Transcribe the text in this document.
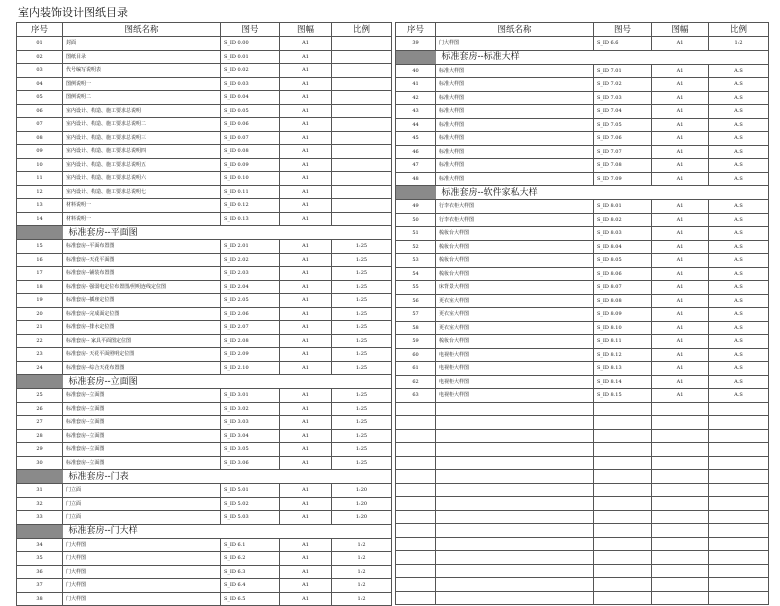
室内装饰设计图纸目录
序号	图纸名称	图号	图幅	比例
01	封面	S_ID 0.00	A1	
02	图纸目录	S_ID 0.01	A1	
03	代号编写说明表	S_ID 0.02	A1	
04	图例说明一	S_ID 0.03	A1	
05	图例说明二	S_ID 0.04	A1	
06	室内设计、构造、施工要求总说明	S_ID 0.05	A1	
07	室内设计、构造、施工要求总说明二	S_ID 0.06	A1	
08	室内设计、构造、施工要求总说明三	S_ID 0.07	A1	
09	室内设计、构造、施工要求总说明四	S_ID 0.08	A1	
10	室内设计、构造、施工要求总说明五	S_ID 0.09	A1	
11	室内设计、构造、施工要求总说明六	S_ID 0.10	A1	
12	室内设计、构造、施工要求总说明七	S_ID 0.11	A1	
13	材料说明一	S_ID 0.12	A1	
14	材料说明一	S_ID 0.13	A1	
	标准套房--平面图			
15	标准套房--平面布置图	S_ID 2.01	A1	1:25
16	标准套房--天花平面图	S_ID 2.02	A1	1:25
17	标准套房--铺装布置图	S_ID 2.03	A1	1:25
18	标准套房- 强弱电定位布置图/照明连线定位图	S_ID 2.04	A1	1:25
19	标准套房--插座定位图	S_ID 2.05	A1	1:25
20	标准套房--完成面定位图	S_ID 2.06	A1	1:25
21	标准套房--排水定位图	S_ID 2.07	A1	1:25
22	标准套房-- 家具平面图定位图	S_ID 2.08	A1	1:25
23	标准套房- 天花平面照明定位图	S_ID 2.09	A1	1:25
24	标准套房--综合天花布置图	S_ID 2.10	A1	1:25
	标准套房--立面图			
25	标准套房--立面图	S_ID 3.01	A1	1:25
26	标准套房--立面图	S_ID 3.02	A1	1:25
27	标准套房--立面图	S_ID 3.03	A1	1:25
28	标准套房--立面图	S_ID 3.04	A1	1:25
29	标准套房--立面图	S_ID 3.05	A1	1:25
30	标准套房--立面图	S_ID 3.06	A1	1:25
	标准套房--门表			
31	门立面	S_ID 5.01	A1	1:20
32	门立面	S_ID 5.02	A1	1:20
33	门立面	S_ID 5.03	A1	1:20
	标准套房--门大样			
34	门大样图	S_ID 6.1	A1	1:2
35	门大样图	S_ID 6.2	A1	1:2
36	门大样图	S_ID 6.3	A1	1:2
37	门大样图	S_ID 6.4	A1	1:2
38	门大样图	S_ID 6.5	A1	1:2
序号	图纸名称	图号	图幅	比例
39	门大样图	S_ID 6.6	A1	1:2
	标准套房--标准大样			
40	标准大样图	S_ID 7.01	A1	A.S
41	标准大样图	S_ID 7.02	A1	A.S
42	标准大样图	S_ID 7.03	A1	A.S
43	标准大样图	S_ID 7.04	A1	A.S
44	标准大样图	S_ID 7.05	A1	A.S
45	标准大样图	S_ID 7.06	A1	A.S
46	标准大样图	S_ID 7.07	A1	A.S
47	标准大样图	S_ID 7.08	A1	A.S
48	标准大样图	S_ID 7.09	A1	A.S
	标准套房--软件家私大样			
49	行李衣柜大样图	S_ID 8.01	A1	A.S
50	行李衣柜大样图	S_ID 8.02	A1	A.S
51	梳妆台大样图	S_ID 8.03	A1	A.S
52	梳妆台大样图	S_ID 8.04	A1	A.S
53	梳妆台大样图	S_ID 8.05	A1	A.S
54	梳妆台大样图	S_ID 8.06	A1	A.S
55	床背景大样图	S_ID 8.07	A1	A.S
56	更衣室大样图	S_ID 8.08	A1	A.S
57	更衣室大样图	S_ID 8.09	A1	A.S
58	更衣室大样图	S_ID 8.10	A1	A.S
59	梳妆台大样图	S_ID 8.11	A1	A.S
60	电视柜大样图	S_ID 8.12	A1	A.S
61	电视柜大样图	S_ID 8.13	A1	A.S
62	电视柜大样图	S_ID 8.14	A1	A.S
63	电视柜大样图	S_ID 8.15	A1	A.S
